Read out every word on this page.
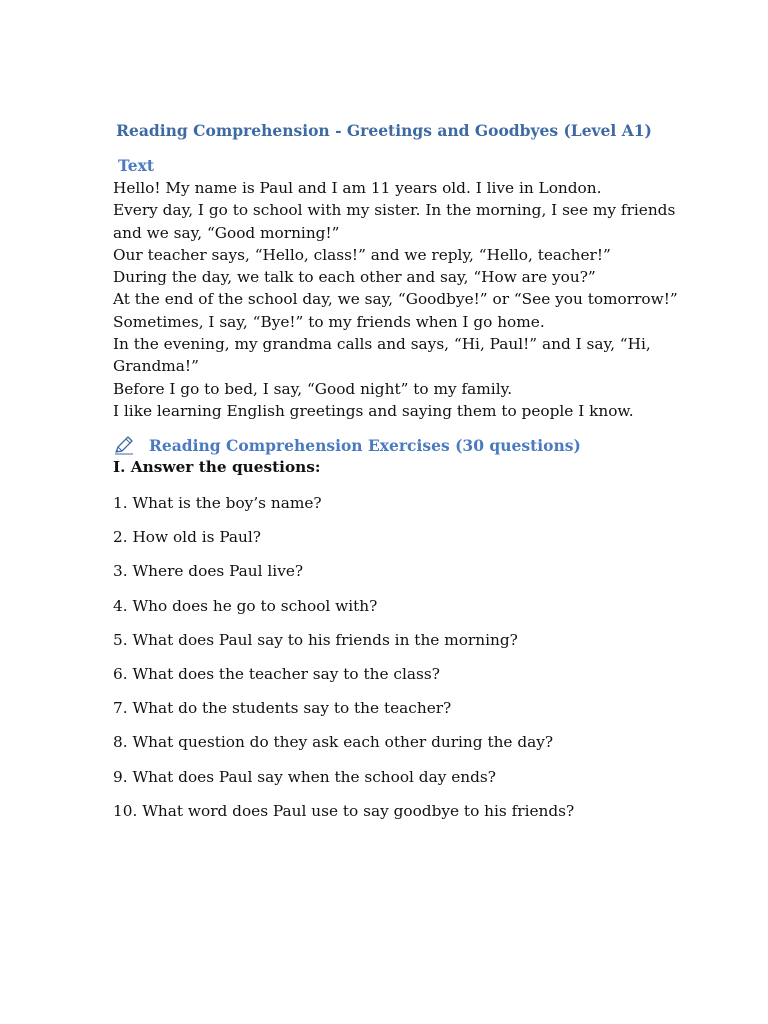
Reading Comprehension - Greetings and Goodbyes (Level A1)
Text
Hello! My name is Paul and I am 11 years old. I live in London.
Every day, I go to school with my sister. In the morning, I see my friends
and we say, “Good morning!”
Our teacher says, “Hello, class!” and we reply, “Hello, teacher!”
During the day, we talk to each other and say, “How are you?”
At the end of the school day, we say, “Goodbye!” or “See you tomorrow!”
Sometimes, I say, “Bye!” to my friends when I go home.
In the evening, my grandma calls and says, “Hi, Paul!” and I say, “Hi,
Grandma!”
Before I go to bed, I say, “Good night” to my family.
I like learning English greetings and saying them to people I know.
Reading Comprehension Exercises (30 questions)
I. Answer the questions:
1. What is the boy’s name?
2. How old is Paul?
3. Where does Paul live?
4. Who does he go to school with?
5. What does Paul say to his friends in the morning?
6. What does the teacher say to the class?
7. What do the students say to the teacher?
8. What question do they ask each other during the day?
9. What does Paul say when the school day ends?
10. What word does Paul use to say goodbye to his friends?
